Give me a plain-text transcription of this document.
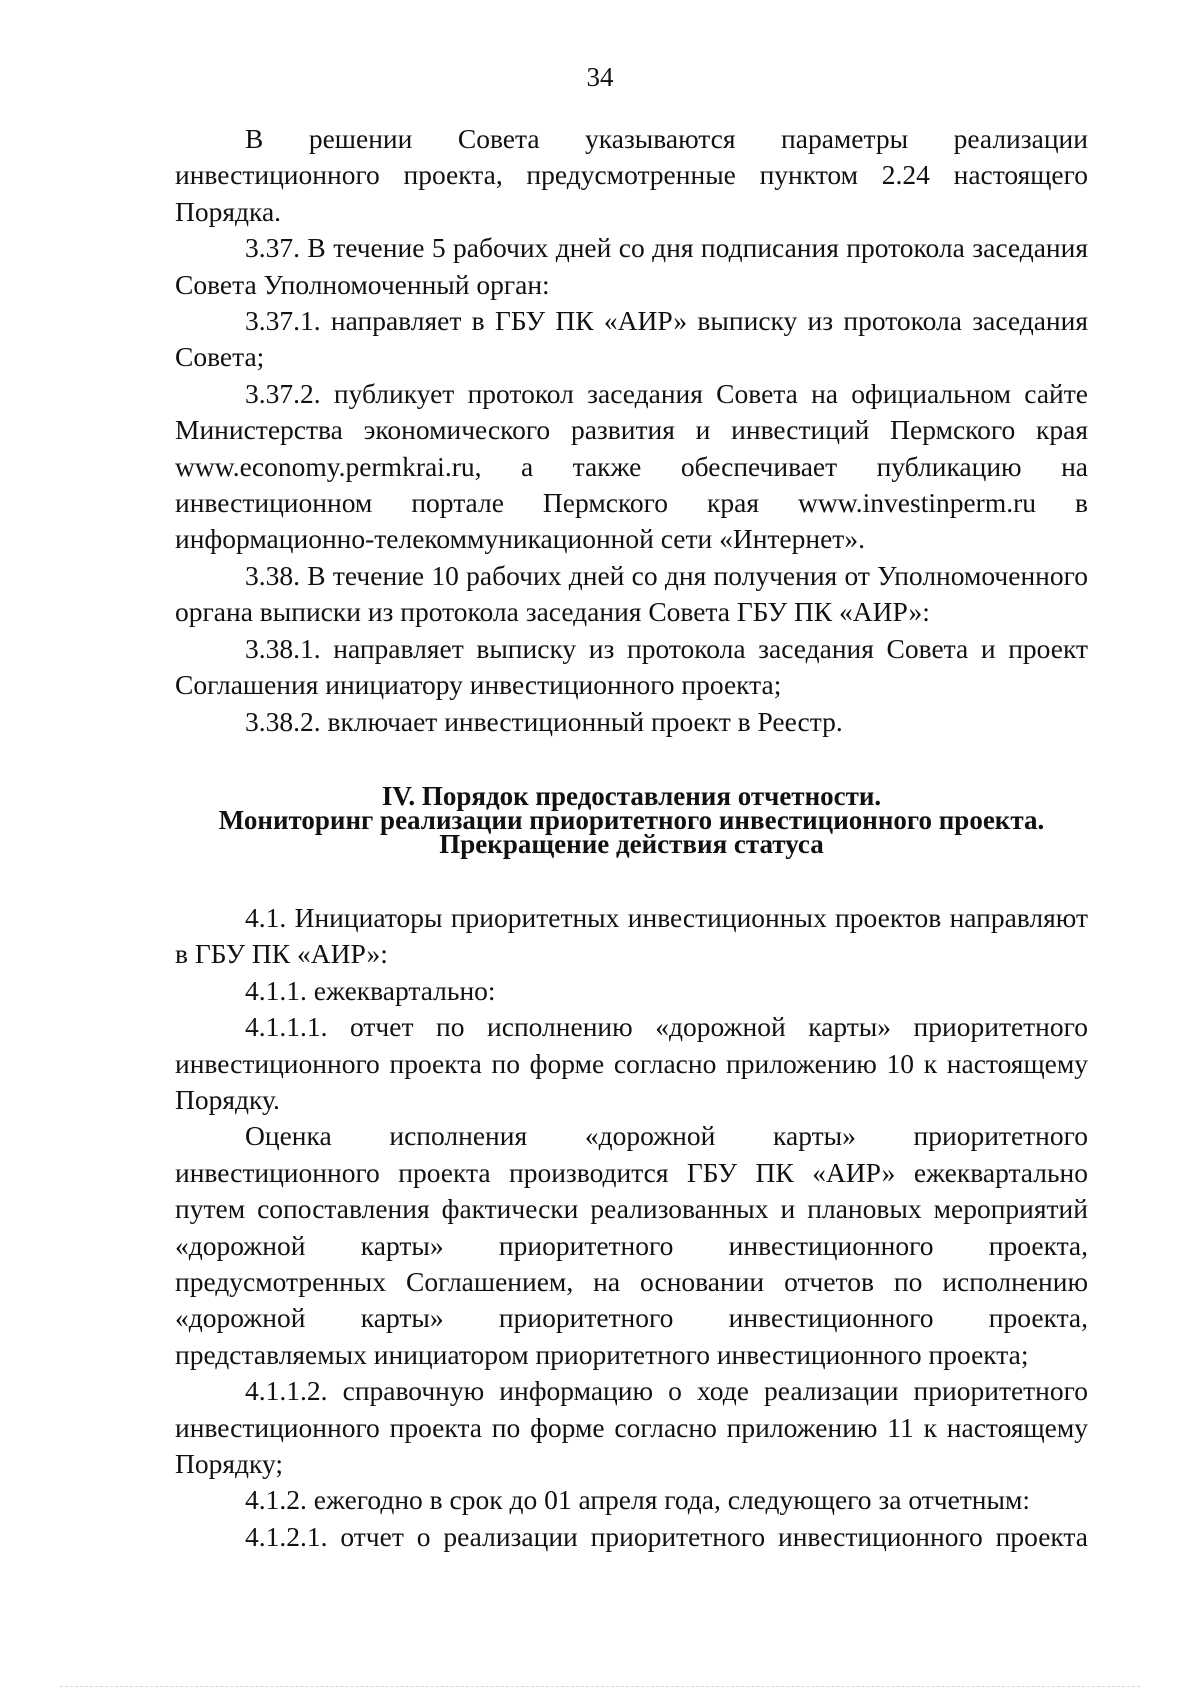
34

В решении Совета указываются параметры реализации инвестиционного проекта, предусмотренные пунктом 2.24 настоящего Порядка.

3.37. В течение 5 рабочих дней со дня подписания протокола заседания Совета Уполномоченный орган:

3.37.1. направляет в ГБУ ПК «АИР» выписку из протокола заседания Совета;

3.37.2. публикует протокол заседания Совета на официальном сайте Министерства экономического развития и инвестиций Пермского края www.economy.permkrai.ru, а также обеспечивает публикацию на инвестиционном портале Пермского края www.investinperm.ru в информационно-телекоммуникационной сети «Интернет».

3.38. В течение 10 рабочих дней со дня получения от Уполномоченного органа выписки из протокола заседания Совета ГБУ ПК «АИР»:

3.38.1. направляет выписку из протокола заседания Совета и проект Соглашения инициатору инвестиционного проекта;

3.38.2. включает инвестиционный проект в Реестр.

IV. Порядок предоставления отчетности.
Мониторинг реализации приоритетного инвестиционного проекта.
Прекращение действия статуса

4.1. Инициаторы приоритетных инвестиционных проектов направляют в ГБУ ПК «АИР»:

4.1.1. ежеквартально:

4.1.1.1. отчет по исполнению «дорожной карты» приоритетного инвестиционного проекта по форме согласно приложению 10 к настоящему Порядку.

Оценка исполнения «дорожной карты» приоритетного инвестиционного проекта производится ГБУ ПК «АИР» ежеквартально путем сопоставления фактически реализованных и плановых мероприятий «дорожной карты» приоритетного инвестиционного проекта, предусмотренных Соглашением, на основании отчетов по исполнению «дорожной карты» приоритетного инвестиционного проекта, представляемых инициатором приоритетного инвестиционного проекта;

4.1.1.2. справочную информацию о ходе реализации приоритетного инвестиционного проекта по форме согласно приложению 11 к настоящему Порядку;

4.1.2. ежегодно в срок до 01 апреля года, следующего за отчетным:

4.1.2.1. отчет о реализации приоритетного инвестиционного проекта
